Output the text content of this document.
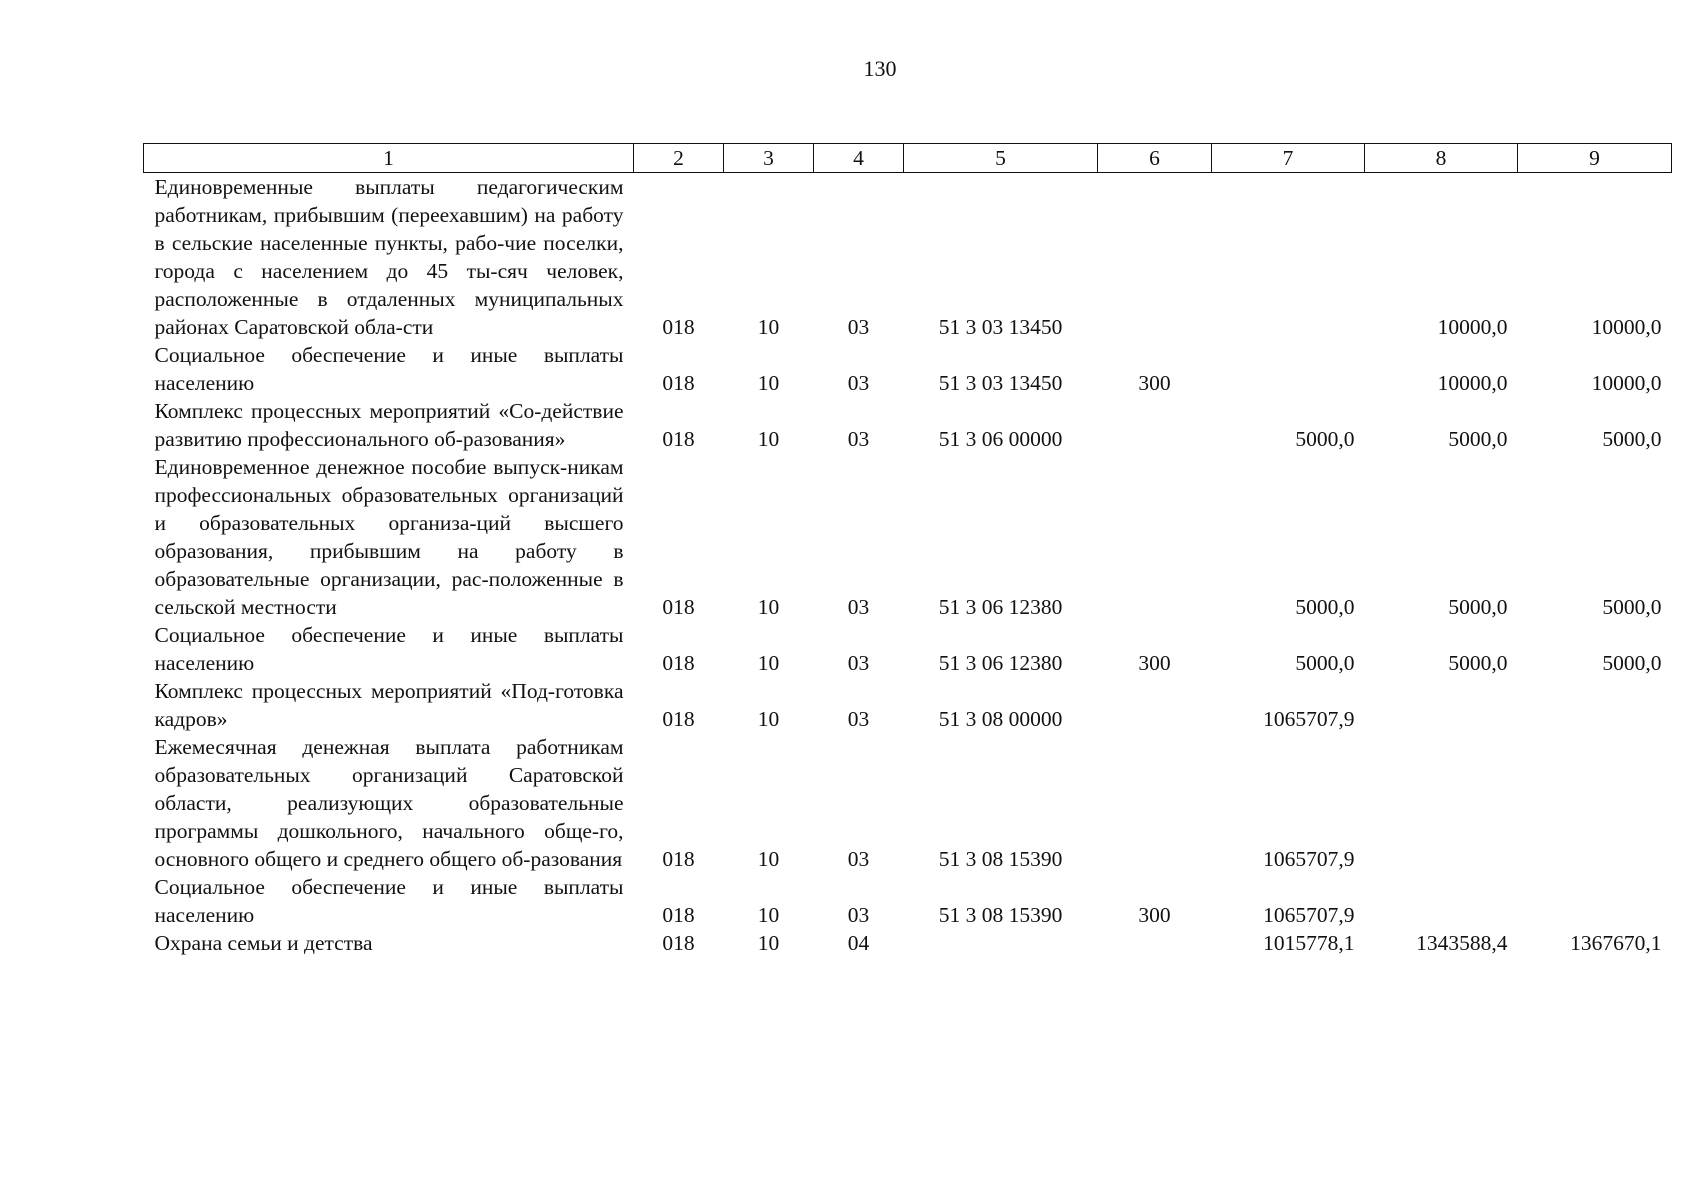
130
1	2	3	4	5	6	7	8	9
Единовременные выплаты педагогическим работникам, прибывшим (переехавшим) на работу в сельские населенные пункты, рабо-чие поселки, города с населением до 45 ты-сяч человек, расположенные в отдаленных муниципальных районах Саратовской обла-сти	018	10	03	51 3 03 13450			10000,0	10000,0
Социальное обеспечение и иные выплаты населению	018	10	03	51 3 03 13450	300		10000,0	10000,0
Комплекс процессных мероприятий «Со-действие развитию профессионального об-разования»	018	10	03	51 3 06 00000		5000,0	5000,0	5000,0
Единовременное денежное пособие выпуск-никам профессиональных образовательных организаций и образовательных организа-ций высшего образования, прибывшим на работу в образовательные организации, рас-положенные в сельской местности	018	10	03	51 3 06 12380		5000,0	5000,0	5000,0
Социальное обеспечение и иные выплаты населению	018	10	03	51 3 06 12380	300	5000,0	5000,0	5000,0
Комплекс процессных мероприятий «Под-готовка кадров»	018	10	03	51 3 08 00000		1065707,9		
Ежемесячная денежная выплата работникам образовательных организаций Саратовской области, реализующих образовательные программы дошкольного, начального обще-го, основного общего и среднего общего об-разования	018	10	03	51 3 08 15390		1065707,9		
Социальное обеспечение и иные выплаты населению	018	10	03	51 3 08 15390	300	1065707,9		
Охрана семьи и детства	018	10	04			1015778,1	1343588,4	1367670,1
